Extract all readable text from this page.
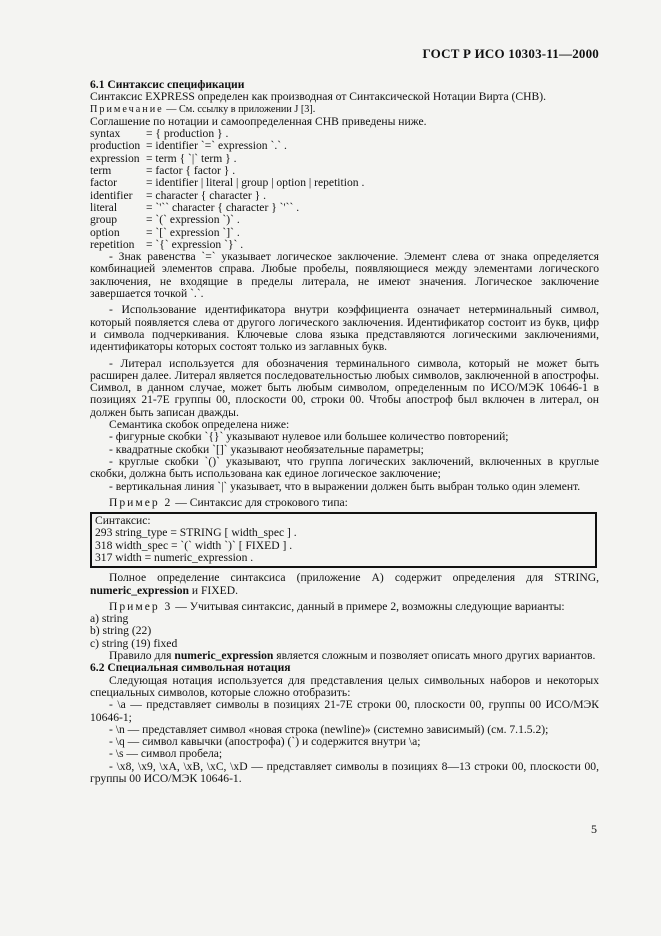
ГОСТ Р ИСО 10303-11—2000

6.1 Синтаксис спецификации

Синтаксис EXPRESS определен как производная от Синтаксической Нотации Вирта (СНВ).

Примечание — См. ссылку в приложении J [3].

Соглашение по нотации и самоопределенная СНВ приведены ниже.

syntax	= { production } .
production	= identifier `=` expression `.` .
expression	= term { `|` term } .
term	= factor { factor } .
factor	= identifier | literal | group | option | repetition .
identifier	= character { character } .
literal	= `'`` character { character } `'`` .
group	= `(` expression `)` .
option	= `[` expression `]` .
repetition	= `{` expression `}` .

- Знак равенства `=` указывает логическое заключение. Элемент слева от знака определяется комбинацией элементов справа. Любые пробелы, появляющиеся между элементами логического заключения, не входящие в пределы литерала, не имеют значения. Логическое заключение завершается точкой `.`.

- Использование идентификатора внутри коэффициента означает нетерминальный символ, который появляется слева от другого логического заключения. Идентификатор состоит из букв, цифр и символа подчеркивания. Ключевые слова языка представляются логическими заключениями, идентификаторы которых состоят только из заглавных букв.

- Литерал используется для обозначения терминального символа, который не может быть расширен далее. Литерал является последовательностью любых символов, заключенной в апострофы. Символ, в данном случае, может быть любым символом, определенным по ИСО/МЭК 10646-1 в позициях 21-7E группы 00, плоскости 00, строки 00. Чтобы апостроф был включен в литерал, он должен быть записан дважды.

Семантика скобок определена ниже:

- фигурные скобки `{}` указывают нулевое или большее количество повторений;

- квадратные скобки `[]` указывают необязательные параметры;

- круглые скобки `()` указывают, что группа логических заключений, включенных в круглые скобки, должна быть использована как единое логическое заключение;

- вертикальная линия `|` указывает, что в выражении должен быть выбран только один элемент.

Пример 2 — Синтаксис для строкового типа:

Синтаксис:
293 string_type = STRING [ width_spec ] .
318 width_spec = `(` width `)` [ FIXED ] .
317 width = numeric_expression .

Полное определение синтаксиса (приложение A) содержит определения для STRING, numeric_expression и FIXED.

Пример 3 — Учитывая синтаксис, данный в примере 2, возможны следующие варианты:

a) string

b) string (22)

c) string (19) fixed

Правило для numeric_expression является сложным и позволяет описать много других вариантов.

6.2 Специальная символьная нотация

Следующая нотация используется для представления целых символьных наборов и некоторых специальных символов, которые сложно отобразить:

- \a — представляет символы в позициях 21-7E строки 00, плоскости 00, группы 00 ИСО/МЭК 10646-1;

- \n — представляет символ «новая строка (newline)» (системно зависимый) (см. 7.1.5.2);

- \q — символ кавычки (апострофа) (`) и содержится внутри \a;

- \s — символ пробела;

- \x8, \x9, \xA, \xB, \xC, \xD — представляет символы в позициях 8—13 строки 00, плоскости 00, группы 00 ИСО/МЭК 10646-1.

5
